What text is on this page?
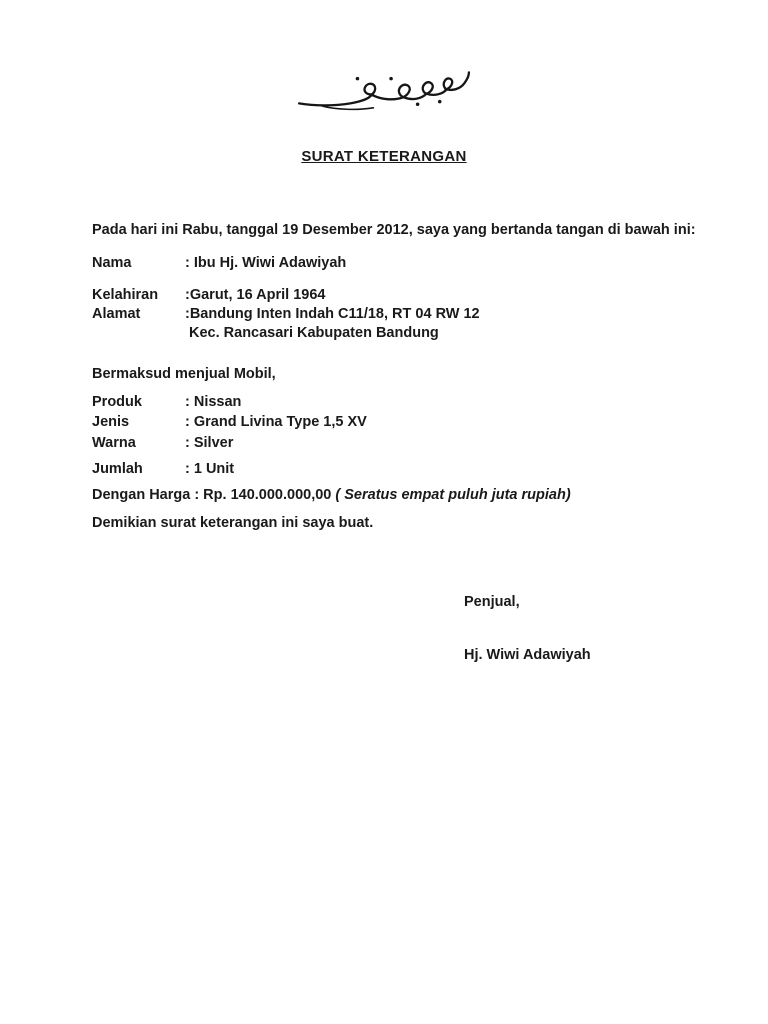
SURAT KETERANGAN
Pada hari ini Rabu, tanggal 19 Desember 2012, saya yang bertanda tangan di bawah ini:
Nama	: Ibu Hj. Wiwi Adawiyah
Kelahiran	:Garut, 16 April 1964
Alamat	:Bandung Inten Indah C11/18, RT 04 RW 12
Kec. Rancasari Kabupaten Bandung
Bermaksud menjual Mobil,
Produk	: Nissan
Jenis	: Grand Livina Type 1,5 XV
Warna	: Silver
Jumlah	: 1 Unit
Dengan Harga : Rp. 140.000.000,00 ( Seratus empat puluh juta rupiah)
Demikian surat keterangan ini saya buat.
Penjual,
Hj. Wiwi Adawiyah
